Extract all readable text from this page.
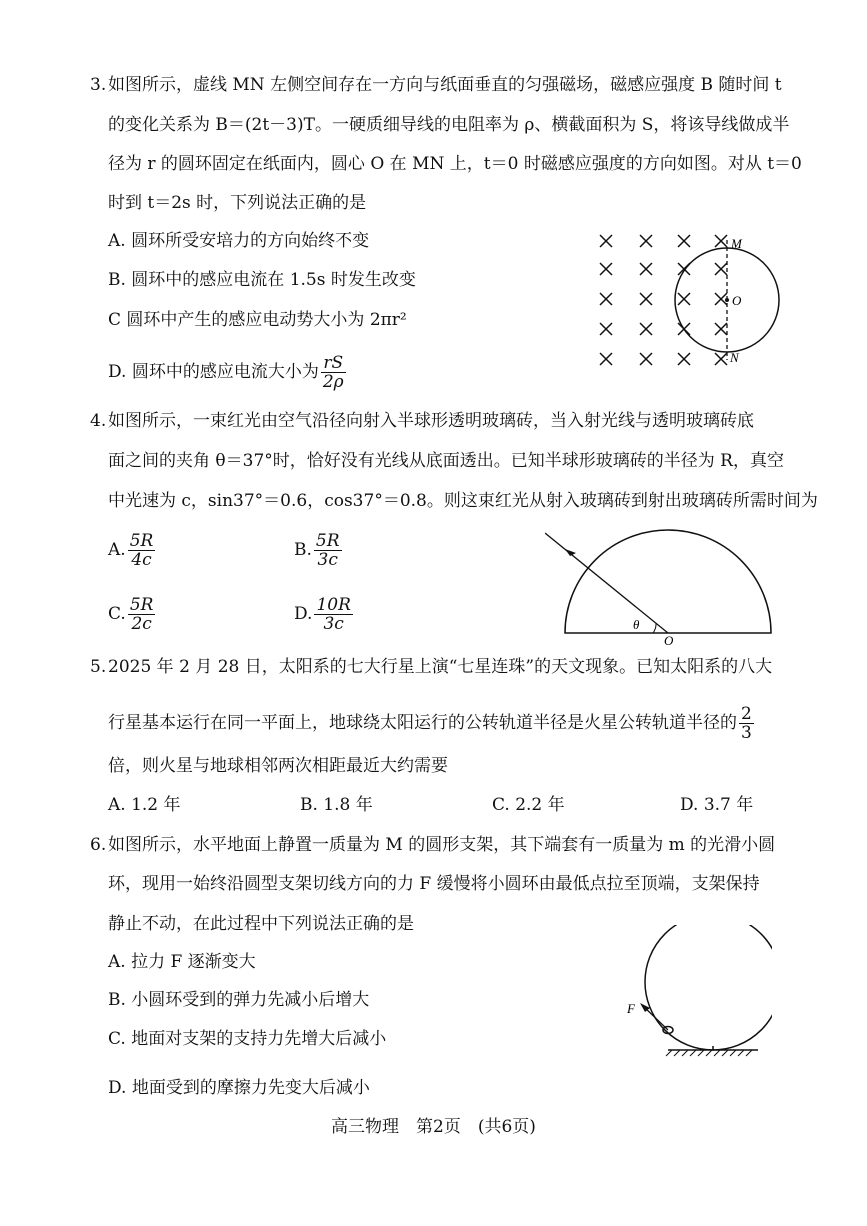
3. 如图所示，虚线 MN 左侧空间存在一方向与纸面垂直的匀强磁场，磁感应强度 B 随时间 t
的变化关系为 B＝(2t－3)T。一硬质细导线的电阻率为 ρ、横截面积为 S，将该导线做成半
径为 r 的圆环固定在纸面内，圆心 O 在 MN 上，t＝0 时磁感应强度的方向如图。对从 t＝0
时到 t＝2s 时，下列说法正确的是
A. 圆环所受安培力的方向始终不变
B. 圆环中的感应电流在 1.5s 时发生改变
C 圆环中产生的感应电动势大小为 2πr²
D. 圆环中的感应电流大小为 $\frac{rS}{2\rho}$
M
O
N
4. 如图所示，一束红光由空气沿径向射入半球形透明玻璃砖，当入射光线与透明玻璃砖底
面之间的夹角 θ＝37°时，恰好没有光线从底面透出。已知半球形玻璃砖的半径为 R，真空
中光速为 c，sin37°＝0.6，cos37°＝0.8。则这束红光从射入玻璃砖到射出玻璃砖所需时间为
A. $\frac{5R}{4c}$	B. $\frac{5R}{3c}$
C. $\frac{5R}{2c}$	D. $\frac{10R}{3c}$	θ
O
5. 2025 年 2 月 28 日，太阳系的七大行星上演“七星连珠”的天文现象。已知太阳系的八大
行星基本运行在同一平面上，地球绕太阳运行的公转轨道半径是火星公转轨道半径的 $\frac{2}{3}$
倍，则火星与地球相邻两次相距最近大约需要
A. 1.2 年	B. 1.8 年	C. 2.2 年	D. 3.7 年
6. 如图所示，水平地面上静置一质量为 M 的圆形支架，其下端套有一质量为 m 的光滑小圆
环，现用一始终沿圆型支架切线方向的力 F 缓慢将小圆环由最低点拉至顶端，支架保持
静止不动，在此过程中下列说法正确的是
A. 拉力 F 逐渐变大
B. 小圆环受到的弹力先减小后增大
C. 地面对支架的支持力先增大后减小
D. 地面受到的摩擦力先变大后减小
F
高三物理　第2页　(共6页)
